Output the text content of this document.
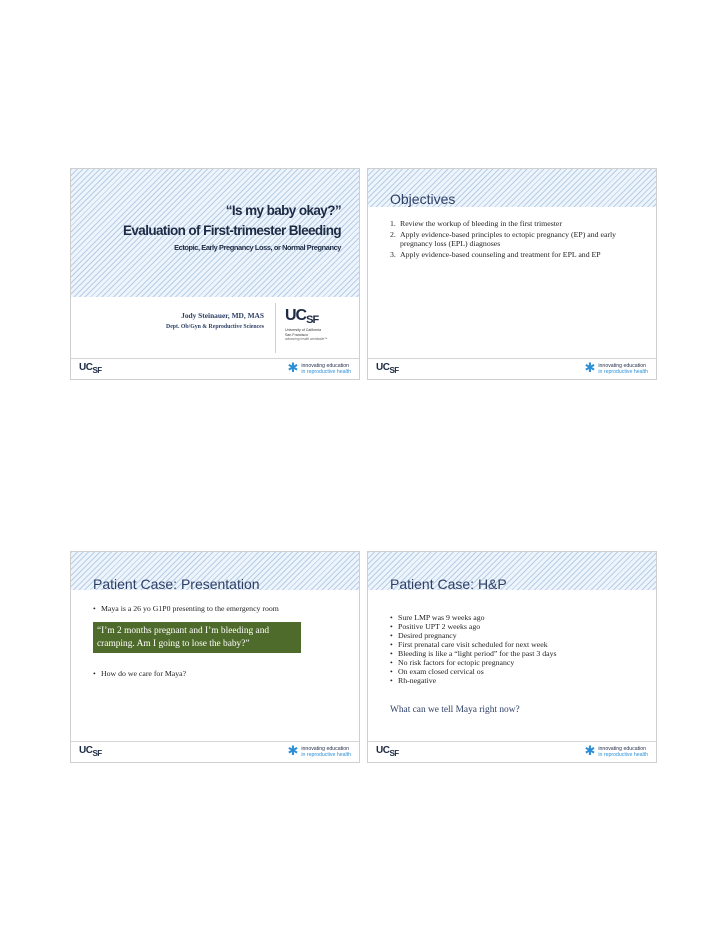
“Is my baby okay?”
Evaluation of First-trimester Bleeding
Ectopic, Early Pregnancy Loss, or Normal Pregnancy
Jody Steinauer, MD, MAS
Dept. Ob/Gyn & Reproductive Sciences
UCSF
University of California
San Francisco
advancing health worldwide™
$UC_{SF}$	✱ innovating education
in reproductive health
Objectives
1. Review the workup of bleeding in the first trimester
2. Apply evidence-based principles to ectopic pregnancy (EP) and early pregnancy loss (EPL) diagnoses
3. Apply evidence-based counseling and treatment for EPL and EP
$UC_{SF}$	✱ innovating education
in reproductive health
Patient Case: Presentation
• Maya is a 26 yo G1P0 presenting to the emergency room
“I’m 2 months pregnant and I’m bleeding and cramping. Am I going to lose the baby?”
• How do we care for Maya?
$UC_{SF}$	✱ innovating education
in reproductive health
Patient Case: H&P
• Sure LMP was 9 weeks ago
• Positive UPT 2 weeks ago
• Desired pregnancy
• First prenatal care visit scheduled for next week
• Bleeding is like a “light period” for the past 3 days
• No risk factors for ectopic pregnancy
• On exam closed cervical os
• Rh-negative
What can we tell Maya right now?
$UC_{SF}$	✱ innovating education
in reproductive health
